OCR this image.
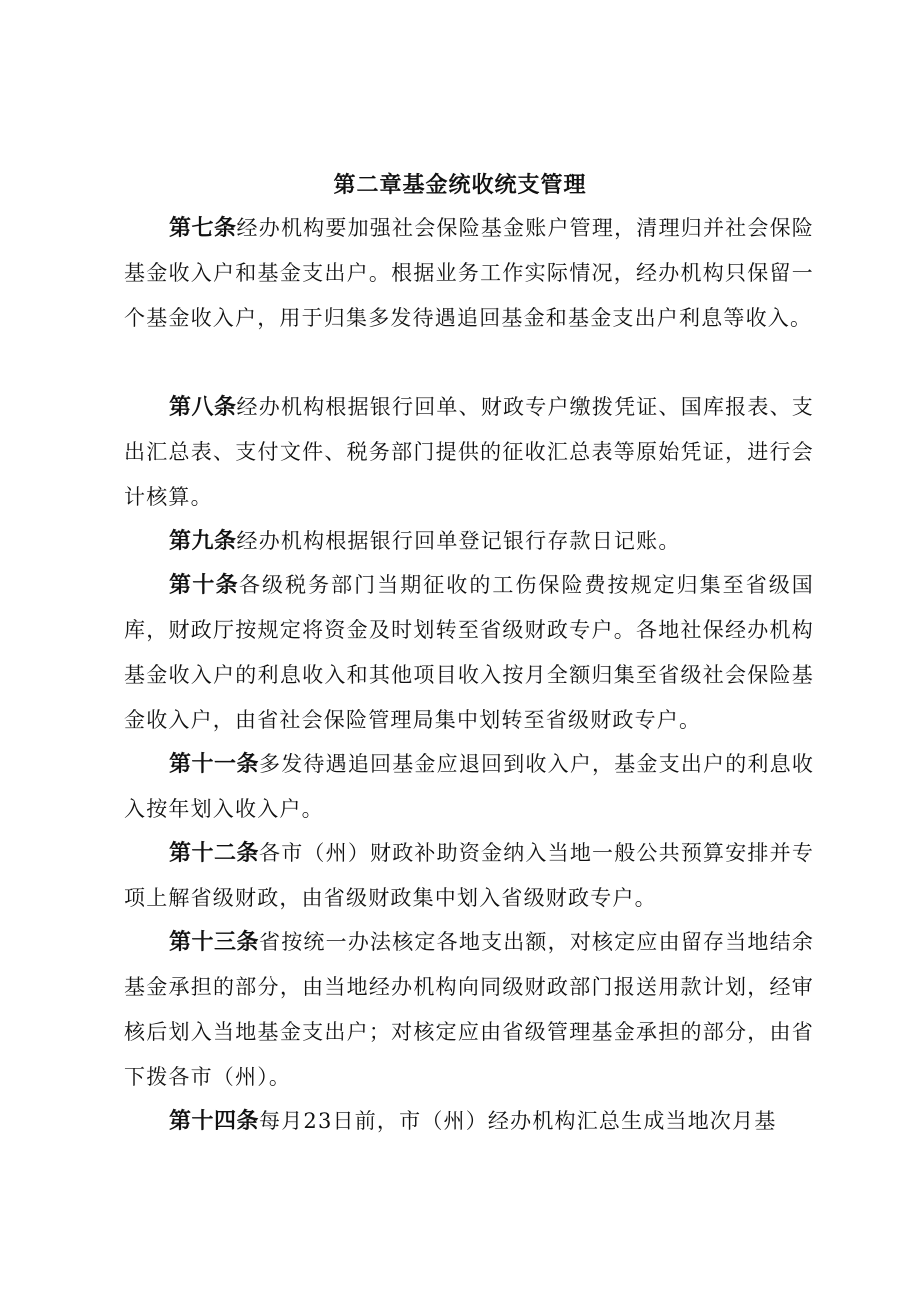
第二章基金统收统支管理

第七条经办机构要加强社会保险基金账户管理，清理归并社会保险基金收入户和基金支出户。根据业务工作实际情况，经办机构只保留一个基金收入户，用于归集多发待遇追回基金和基金支出户利息等收入。

第八条经办机构根据银行回单、财政专户缴拨凭证、国库报表、支出汇总表、支付文件、税务部门提供的征收汇总表等原始凭证，进行会计核算。

第九条经办机构根据银行回单登记银行存款日记账。

第十条各级税务部门当期征收的工伤保险费按规定归集至省级国库，财政厅按规定将资金及时划转至省级财政专户。各地社保经办机构基金收入户的利息收入和其他项目收入按月全额归集至省级社会保险基金收入户，由省社会保险管理局集中划转至省级财政专户。

第十一条多发待遇追回基金应退回到收入户，基金支出户的利息收入按年划入收入户。

第十二条各市（州）财政补助资金纳入当地一般公共预算安排并专项上解省级财政，由省级财政集中划入省级财政专户。

第十三条省按统一办法核定各地支出额，对核定应由留存当地结余基金承担的部分，由当地经办机构向同级财政部门报送用款计划，经审核后划入当地基金支出户；对核定应由省级管理基金承担的部分，由省下拨各市（州）。

第十四条每月23日前，市（州）经办机构汇总生成当地次月基
